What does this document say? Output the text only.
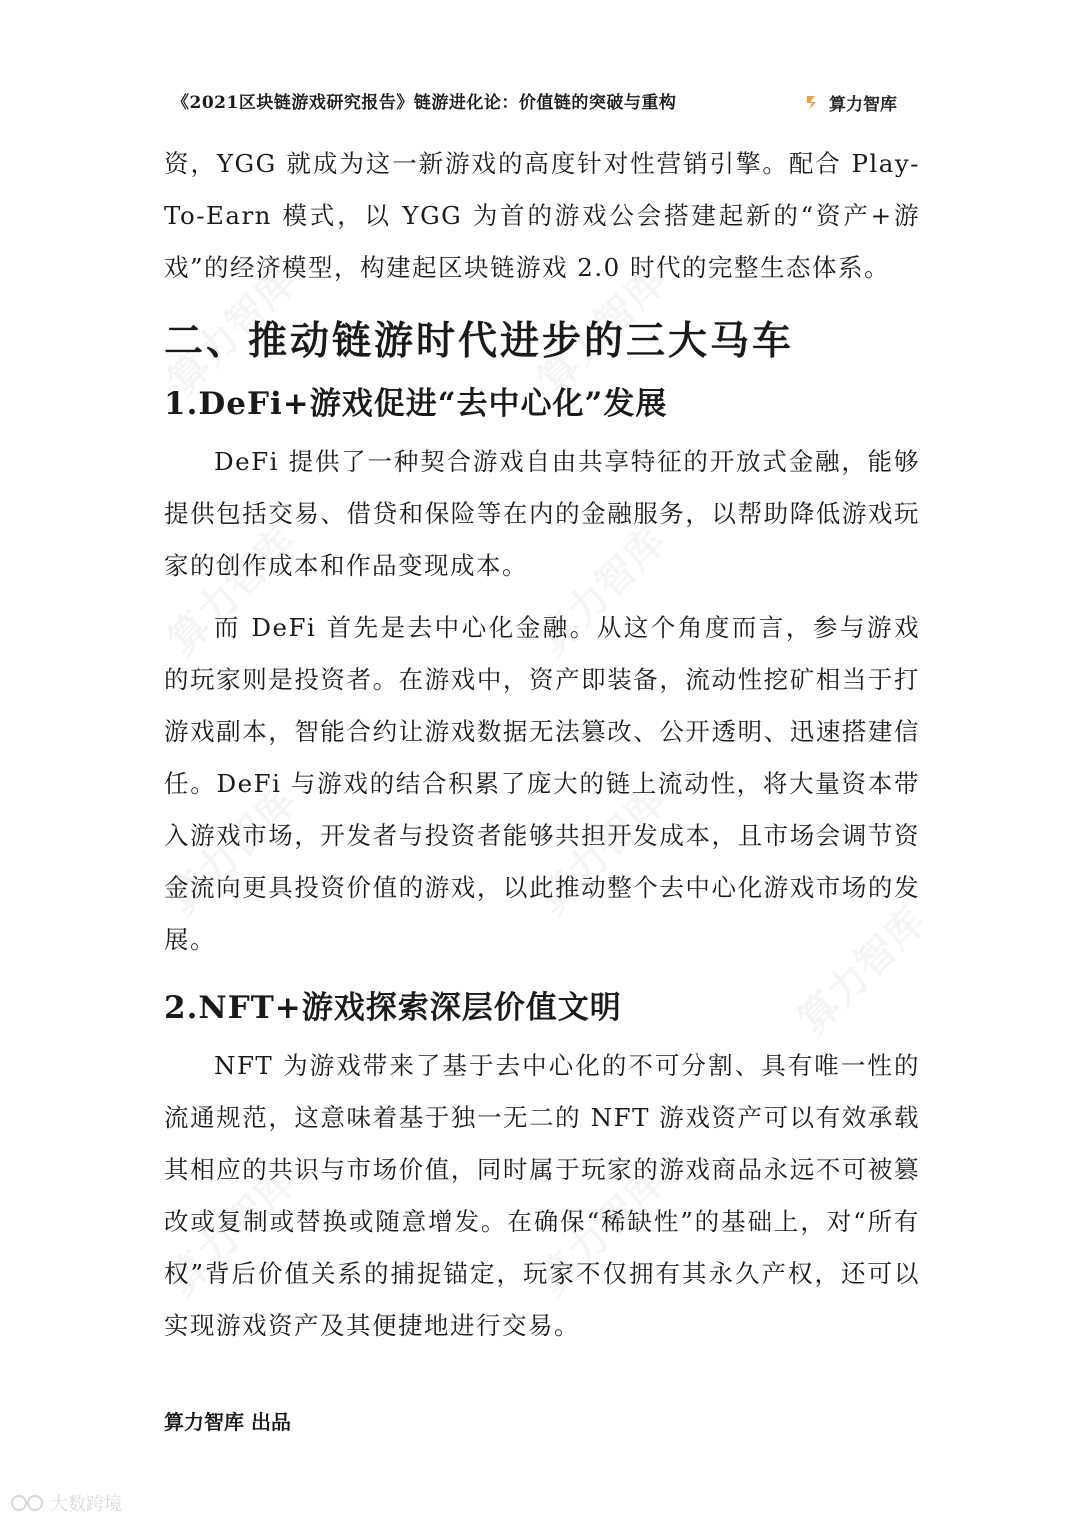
《2021区块链游戏研究报告》链游进化论：价值链的突破与重构	算力智库

资，YGG 就成为这一新游戏的高度针对性营销引擎。配合 Play-To-Earn 模式，以 YGG 为首的游戏公会搭建起新的“资产+游戏”的经济模型，构建起区块链游戏 2.0 时代的完整生态体系。

二、推动链游时代进步的三大马车
1.DeFi+游戏促进“去中心化”发展

DeFi 提供了一种契合游戏自由共享特征的开放式金融，能够提供包括交易、借贷和保险等在内的金融服务，以帮助降低游戏玩家的创作成本和作品变现成本。

而 DeFi 首先是去中心化金融。从这个角度而言，参与游戏的玩家则是投资者。在游戏中，资产即装备，流动性挖矿相当于打游戏副本，智能合约让游戏数据无法篡改、公开透明、迅速搭建信任。DeFi 与游戏的结合积累了庞大的链上流动性，将大量资本带入游戏市场，开发者与投资者能够共担开发成本，且市场会调节资金流向更具投资价值的游戏，以此推动整个去中心化游戏市场的发展。

2.NFT+游戏探索深层价值文明

NFT 为游戏带来了基于去中心化的不可分割、具有唯一性的流通规范，这意味着基于独一无二的 NFT 游戏资产可以有效承载其相应的共识与市场价值，同时属于玩家的游戏商品永远不可被篡改或复制或替换或随意增发。在确保“稀缺性”的基础上，对“所有权”背后价值关系的捕捉锚定，玩家不仅拥有其永久产权，还可以实现游戏资产及其便捷地进行交易。

算力智库 出品
大数跨境
